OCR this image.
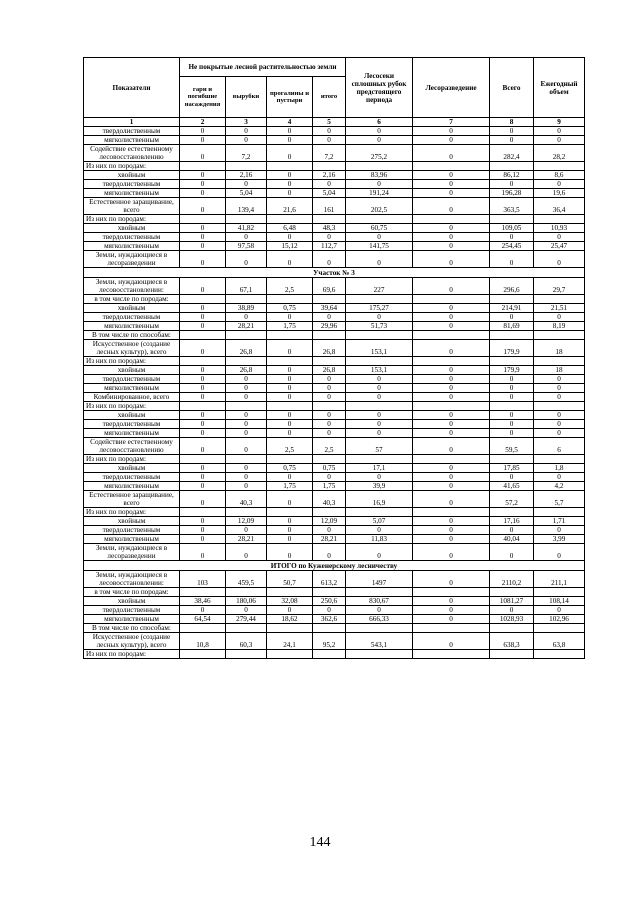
Показатели	Не покрытые лесной растительностью земли				Лесосеки сплошных рубок предстоящего периода	Лесоразведение	Всего	Ежегодный объем
	гари и погибшие насаждения	вырубки	прогалины и пустыри	итого				
1	2	3	4	5	6	7	8	9
твердолиственным	0	0	0	0	0	0	0	0
мягколиственным	0	0	0	0	0	0	0	0
Содействие естественному лесовосстановлению	0	7,2	0	7,2	275,2	0	282,4	28,2
Из них по породам:								
хвойным	0	2,16	0	2,16	83,96	0	86,12	8,6
твердолиственным	0	0	0	0	0	0	0	0
мягколиственным	0	5,04	0	5,04	191,24	0	196,28	19,6
Естественное заращивание, всего	0	139,4	21,6	161	202,5	0	363,5	36,4
Из них по породам:								
хвойным	0	41,82	6,48	48,3	60,75	0	109,05	10,93
твердолиственным	0	0	0	0	0	0	0	0
мягколиственным	0	97,58	15,12	112,7	141,75	0	254,45	25,47
Земли, нуждающиеся в лесоразведении	0	0	0	0	0	0	0	0
Участок № 3								
Земли, нуждающиеся в лесовосстановлении:	0	67,1	2,5	69,6	227	0	296,6	29,7
в том числе по породам:								
хвойным	0	38,89	0,75	39,64	175,27	0	214,91	21,51
твердолиственным	0	0	0	0	0	0	0	0
мягколиственным	0	28,21	1,75	29,96	51,73	0	81,69	8,19
В том числе по способам:								
Искусственное (создание лесных культур), всего	0	26,8	0	26,8	153,1	0	179,9	18
Из них по породам:								
хвойным	0	26,8	0	26,8	153,1	0	179,9	18
твердолиственным	0	0	0	0	0	0	0	0
мягколиственным	0	0	0	0	0	0	0	0
Комбинированное, всего	0	0	0	0	0	0	0	0
Из них по породам:								
хвойным	0	0	0	0	0	0	0	0
твердолиственным	0	0	0	0	0	0	0	0
мягколиственным	0	0	0	0	0	0	0	0
Содействие естественному лесовосстановлению	0	0	2,5	2,5	57	0	59,5	6
Из них по породам:								
хвойным	0	0	0,75	0,75	17,1	0	17,85	1,8
твердолиственным	0	0	0	0	0	0	0	0
мягколиственным	0	0	1,75	1,75	39,9	0	41,65	4,2
Естественное заращивание, всего	0	40,3	0	40,3	16,9	0	57,2	5,7
Из них по породам:								
хвойным	0	12,09	0	12,09	5,07	0	17,16	1,71
твердолиственным	0	0	0	0	0	0	0	0
мягколиственным	0	28,21	0	28,21	11,83	0	40,04	3,99
Земли, нуждающиеся в лесоразведении	0	0	0	0	0	0	0	0
ИТОГО по Куженерскому лесничеству								
Земли, нуждающиеся в лесовосстановлении:	103	459,5	50,7	613,2	1497	0	2110,2	211,1
в том числе по породам:								
хвойным	38,46	180,06	32,08	250,6	830,67	0	1081,27	108,14
твердолиственным	0	0	0	0	0	0	0	0
мягколиственным	64,54	279,44	18,62	362,6	666,33	0	1028,93	102,96
В том числе по способам:								
Искусственное (создание лесных культур), всего	10,8	60,3	24,1	95,2	543,1	0	638,3	63,8
Из них по породам:								
144
